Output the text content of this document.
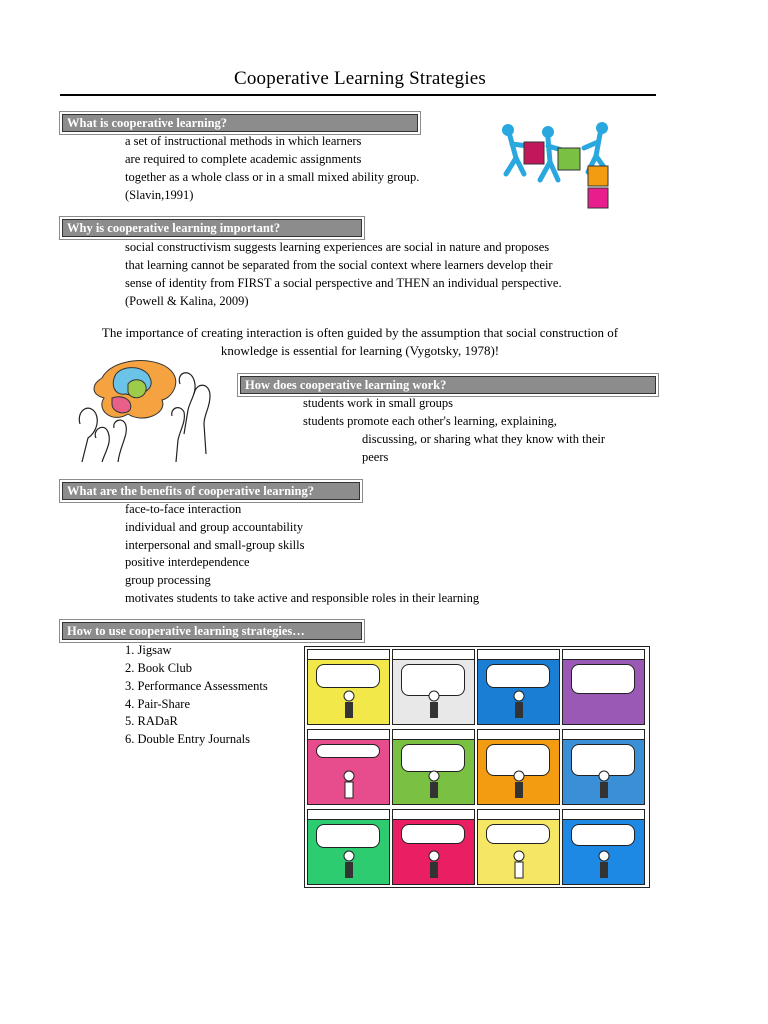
Cooperative Learning Strategies
What is cooperative learning?
a set of instructional methods in which learners
are required to complete academic assignments
together as a whole class or in a small mixed ability group.
(Slavin,1991)
Why is cooperative learning important?
social constructivism suggests learning experiences are social in nature and proposes
that learning cannot be separated from the social context where learners develop their
sense of identity from FIRST a social perspective and THEN an individual perspective.
(Powell & Kalina, 2009)
The importance of creating interaction is often guided by the assumption that social construction of
knowledge is essential for learning (Vygotsky, 1978)!
How does cooperative learning work?
students work in small groups
students promote each other's learning, explaining,
discussing, or sharing what they know with their
peers
What are the benefits of cooperative learning?
face-to-face interaction
individual and group accountability
interpersonal and small-group skills
positive interdependence
group processing
motivates students to take active and responsible roles in their learning
How to use cooperative learning strategies…
1. Jigsaw
2. Book Club
3. Performance Assessments
4. Pair-Share
5. RADaR
6. Double Entry Journals
